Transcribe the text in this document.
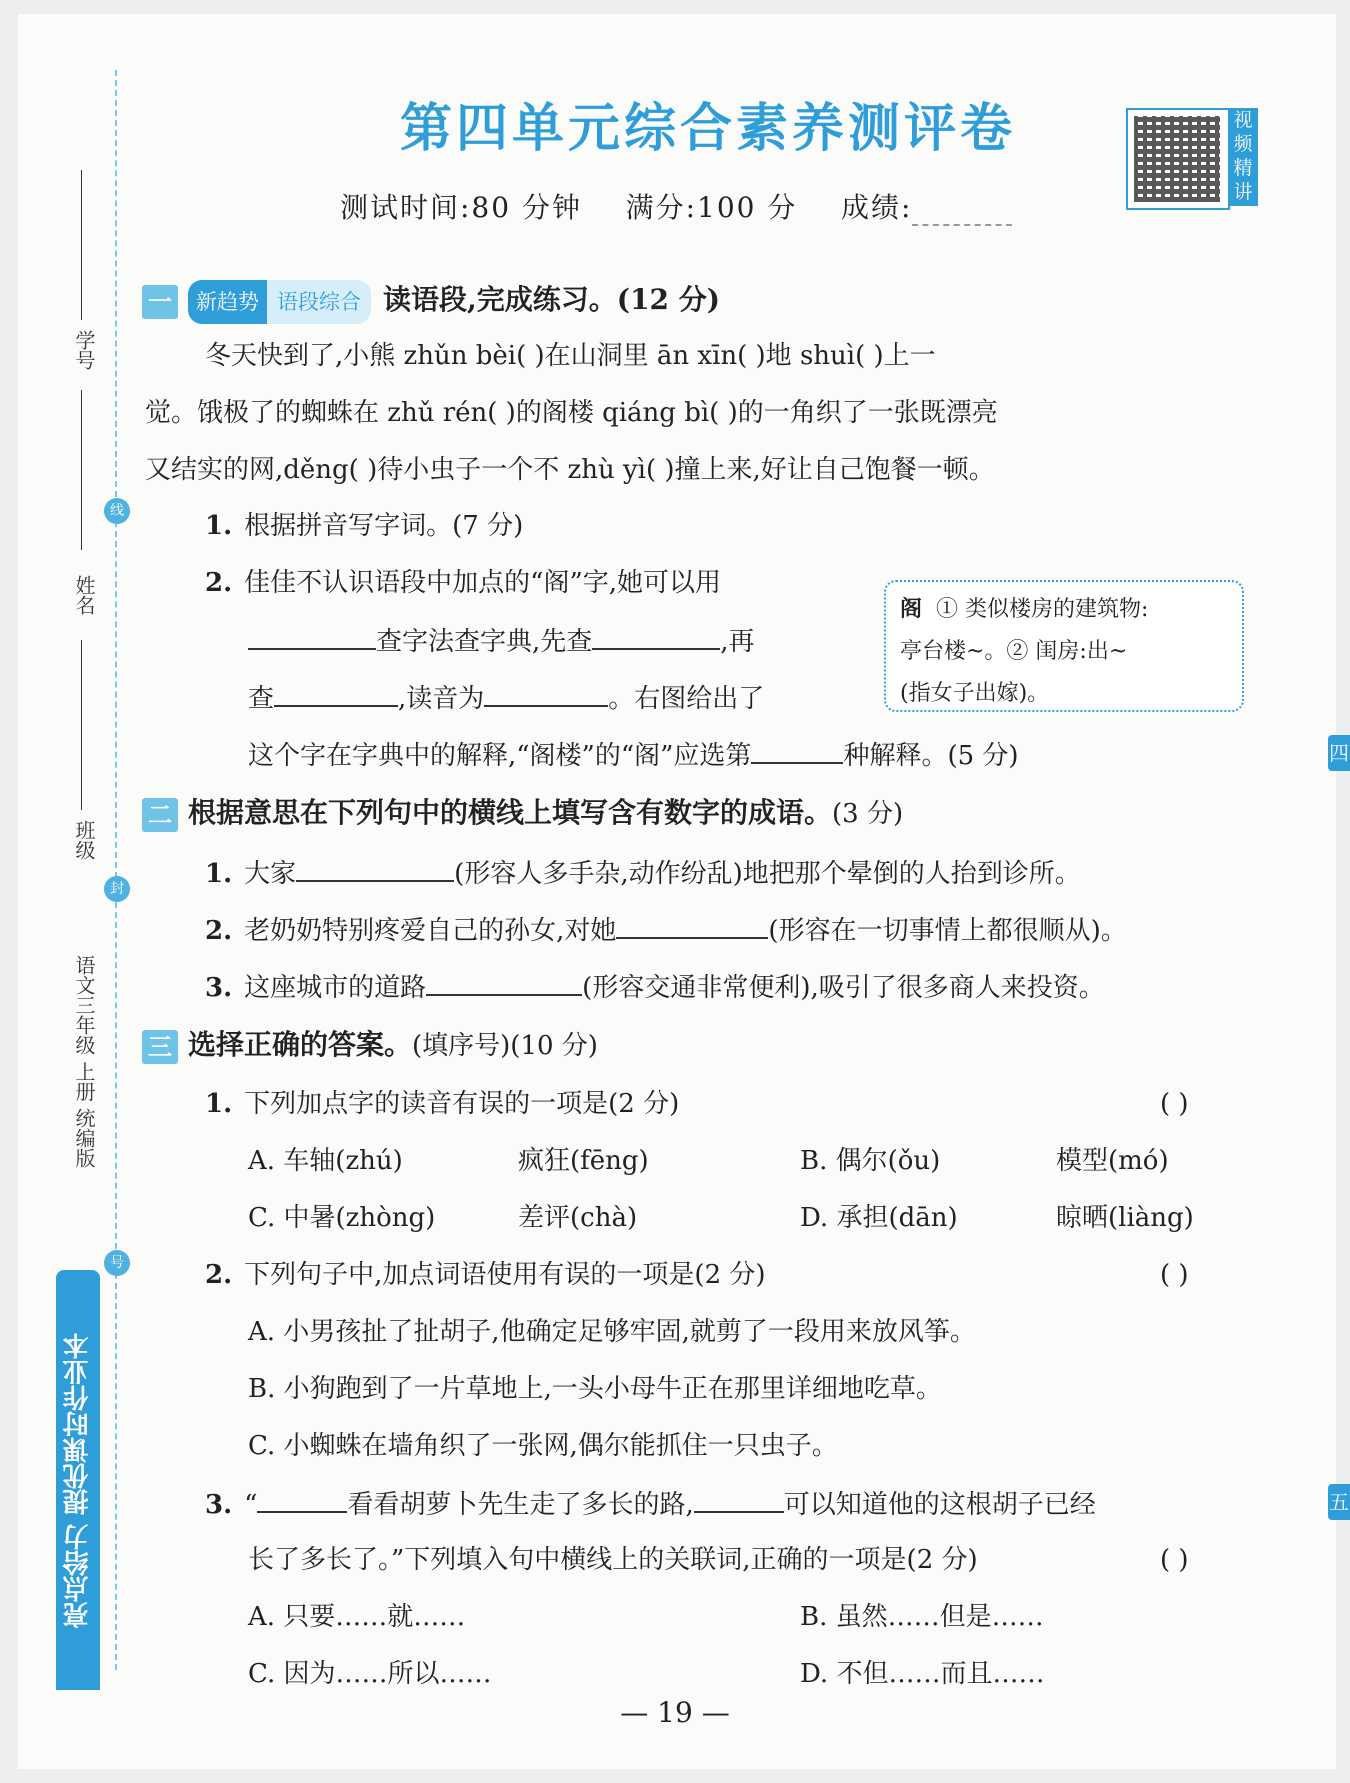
学号
姓名
班级
线
封
号
语文三年级 上册 统编版
亮点给力 提优课时作业本
四
五
第四单元综合素养测评卷
测试时间:80 分钟 满分:100 分 成绩:
视频精讲
一 新趋势 语段综合 读语段,完成练习。(12 分)
冬天快到了,小熊 zhǔn bèi( )在山洞里 ān xīn( )地 shuì( )上一
觉。饿极了的蜘蛛在 zhǔ rén( )的阁楼 qiáng bì( )的一角织了一张既漂亮
又结实的网,děng( )待小虫子一个不 zhù yì( )撞上来,好让自己饱餐一顿。
1. 根据拼音写字词。(7 分)
2. 佳佳不认识语段中加点的“阁”字,她可以用
查字法查字典,先查	,再
查	,读音为	。右图给出了
这个字在字典中的解释,“阁楼”的“阁”应选第	种解释。(5 分)
阁 ① 类似楼房的建筑物:
亭台楼~。② 闺房:出~
(指女子出嫁)。
二 根据意思在下列句中的横线上填写含有数字的成语。(3 分)
1. 大家	(形容人多手杂,动作纷乱)地把那个晕倒的人抬到诊所。
2. 老奶奶特别疼爱自己的孙女,对她	(形容在一切事情上都很顺从)。
3. 这座城市的道路	(形容交通非常便利),吸引了很多商人来投资。
三 选择正确的答案。(填序号)(10 分)
1. 下列加点字的读音有误的一项是(2 分)	( )
A. 车轴(zhú)	疯狂(fēng)	B. 偶尔(ǒu)	模型(mó)
C. 中暑(zhòng)	差评(chà)	D. 承担(dān)	晾晒(liàng)
2. 下列句子中,加点词语使用有误的一项是(2 分)	( )
A. 小男孩扯了扯胡子,他确定足够牢固,就剪了一段用来放风筝。
B. 小狗跑到了一片草地上,一头小母牛正在那里详细地吃草。
C. 小蜘蛛在墙角织了一张网,偶尔能抓住一只虫子。
3. “	看看胡萝卜先生走了多长的路,	可以知道他的这根胡子已经
长了多长了。”下列填入句中横线上的关联词,正确的一项是(2 分)	( )
A. 只要……就……	B. 虽然……但是……
C. 因为……所以……	D. 不但……而且……
— 19 —
